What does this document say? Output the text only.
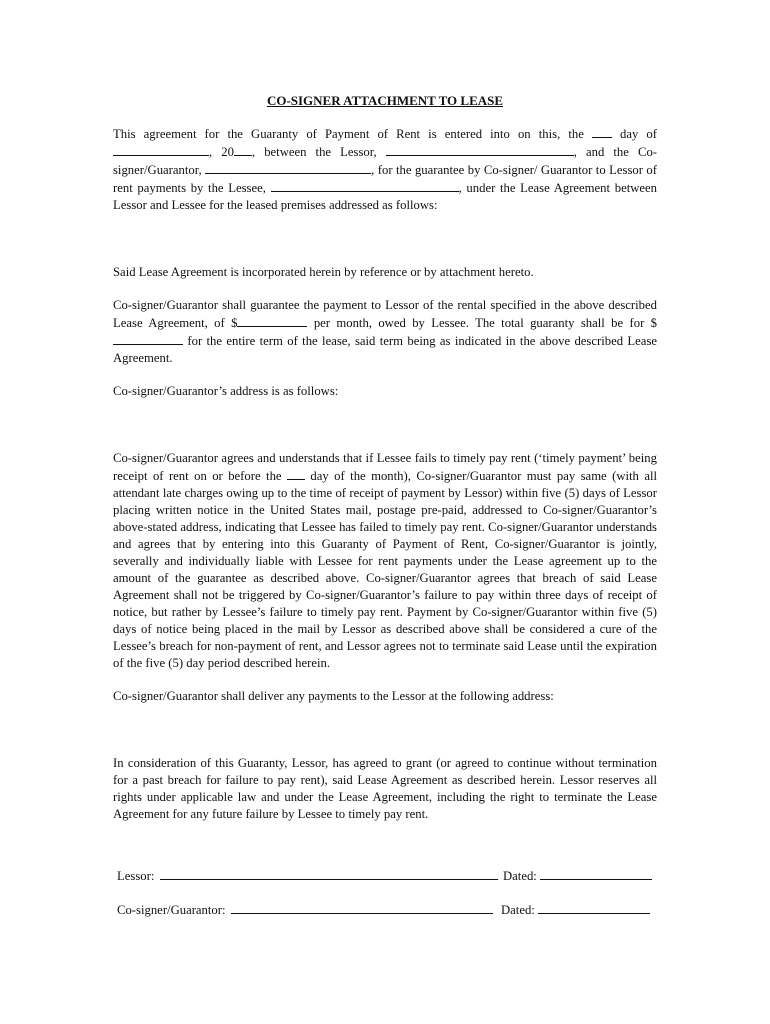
CO-SIGNER ATTACHMENT TO LEASE

This agreement for the Guaranty of Payment of Rent is entered into on this, the	day of , 20 , between the Lessor,	, and the Co-signer/Guarantor,	, for the guarantee by Co-signer/ Guarantor to Lessor of rent payments by the Lessee,	, under the Lease Agreement between Lessor and Lessee for the leased premises addressed as follows:

Said Lease Agreement is incorporated herein by reference or by attachment hereto.

Co-signer/Guarantor shall guarantee the payment to Lessor of the rental specified in the above described Lease Agreement, of $	per month, owed by Lessee. The total guaranty shall be for $ for the entire term of the lease, said term being as indicated in the above described Lease Agreement.

Co-signer/Guarantor’s address is as follows:

Co-signer/Guarantor agrees and understands that if Lessee fails to timely pay rent (‘timely payment’ being receipt of rent on or before the day of the month), Co-signer/Guarantor must pay same (with all attendant late charges owing up to the time of receipt of payment by Lessor) within five (5) days of Lessor placing written notice in the United States mail, postage pre-paid, addressed to Co-signer/Guarantor’s above-stated address, indicating that Lessee has failed to timely pay rent. Co-signer/Guarantor understands and agrees that by entering into this Guaranty of Payment of Rent, Co-signer/Guarantor is jointly, severally and individually liable with Lessee for rent payments under the Lease agreement up to the amount of the guarantee as described above. Co-signer/Guarantor agrees that breach of said Lease Agreement shall not be triggered by Co-signer/Guarantor’s failure to pay within three days of receipt of notice, but rather by Lessee’s failure to timely pay rent. Payment by Co-signer/Guarantor within five (5) days of notice being placed in the mail by Lessor as described above shall be considered a cure of the Lessee’s breach for non-payment of rent, and Lessor agrees not to terminate said Lease until the expiration of the five (5) day period described herein.

Co-signer/Guarantor shall deliver any payments to the Lessor at the following address:

In consideration of this Guaranty, Lessor, has agreed to grant (or agreed to continue without termination for a past breach for failure to pay rent), said Lease Agreement as described herein. Lessor reserves all rights under applicable law and under the Lease Agreement, including the right to terminate the Lease Agreement for any future failure by Lessee to timely pay rent.

Lessor:	Dated:
Co-signer/Guarantor:	Dated:
